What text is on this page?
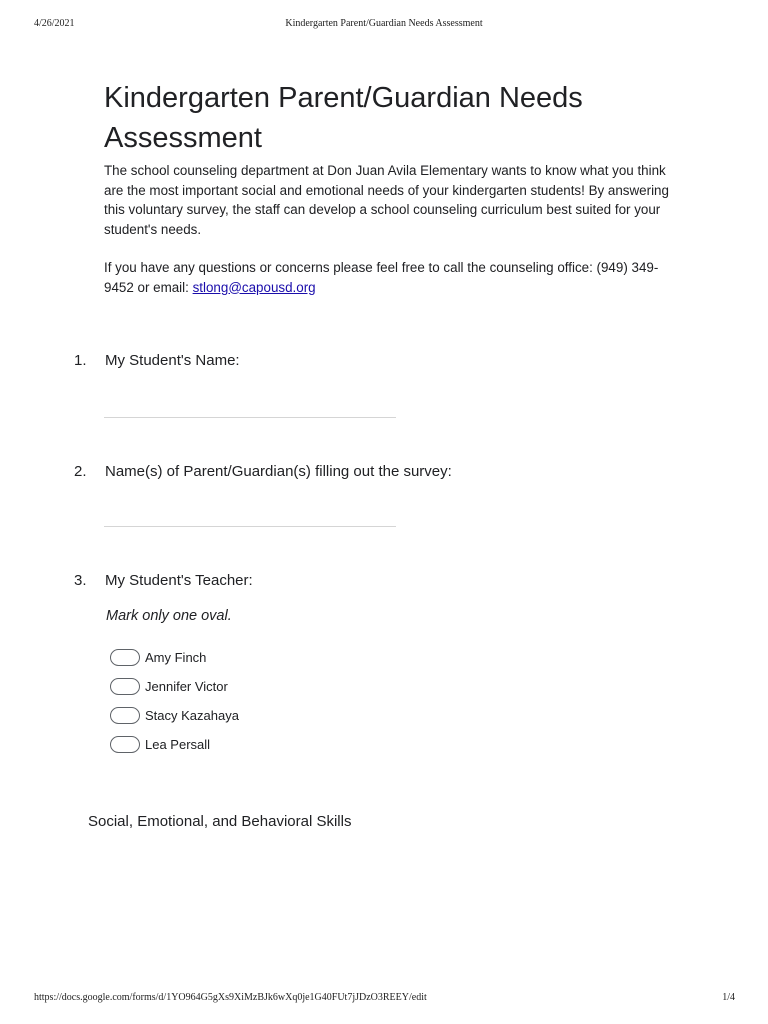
4/26/2021	Kindergarten Parent/Guardian Needs Assessment
Kindergarten Parent/Guardian Needs Assessment

The school counseling department at Don Juan Avila Elementary wants to know what you think are the most important social and emotional needs of your kindergarten students! By answering this voluntary survey, the staff can develop a school counseling curriculum best suited for your student's needs.

If you have any questions or concerns please feel free to call the counseling office: (949) 349-9452 or email: stlong@capousd.org

1.	My Student's Name:
2.	Name(s) of Parent/Guardian(s) filling out the survey:
3.	My Student's Teacher:
Mark only one oval.
Amy Finch
Jennifer Victor
Stacy Kazahaya
Lea Persall
Social, Emotional, and Behavioral Skills
https://docs.google.com/forms/d/1YO964G5gXs9XiMzBJk6wXq0je1G40FUt7jJDzO3REEY/edit	1/4
